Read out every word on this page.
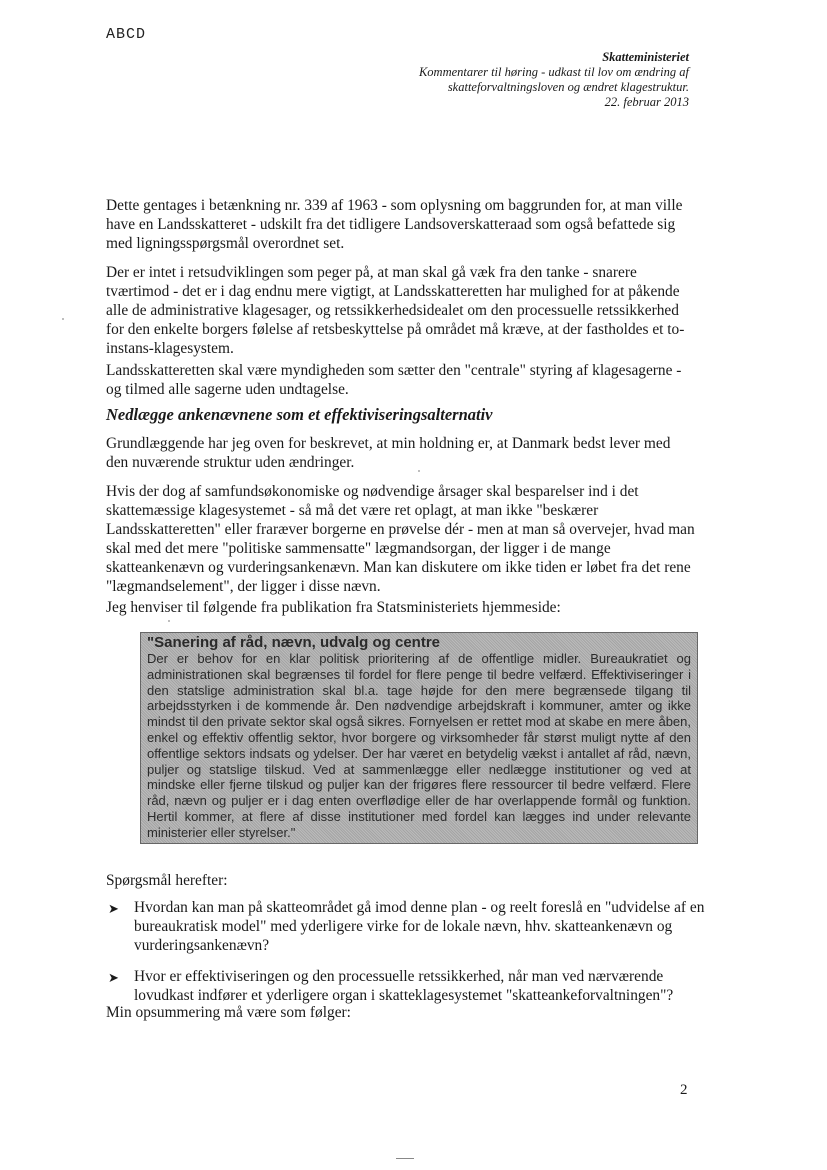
ABCD
Skatteministeriet
Kommentarer til høring - udkast til lov om ændring af
skatteforvaltningsloven og ændret klagestruktur.
22. februar 2013

Dette gentages i betænkning nr. 339 af 1963 - som oplysning om baggrunden for, at man ville have en Landsskatteret - udskilt fra det tidligere Landsoverskatteraad som også befattede sig med ligningsspørgsmål overordnet set.

Der er intet i retsudviklingen som peger på, at man skal gå væk fra den tanke - snarere tværtimod - det er i dag endnu mere vigtigt, at Landsskatteretten har mulighed for at påkende alle de administrative klagesager, og retssikkerhedsidealet om den processuelle retssikkerhed for den enkelte borgers følelse af retsbeskyttelse på området må kræve, at der fastholdes et to-instans-klagesystem.

Landsskatteretten skal være myndigheden som sætter den "centrale" styring af klagesagerne - og tilmed alle sagerne uden undtagelse.

Nedlægge ankenævnene som et effektiviseringsalternativ

Grundlæggende har jeg oven for beskrevet, at min holdning er, at Danmark bedst lever med den nuværende struktur uden ændringer.

Hvis der dog af samfundsøkonomiske og nødvendige årsager skal besparelser ind i det skattemæssige klagesystemet - så må det være ret oplagt, at man ikke "beskærer Landsskatteretten" eller fraræver borgerne en prøvelse dér - men at man så overvejer, hvad man skal med det mere "politiske sammensatte" lægmandsorgan, der ligger i de mange skatteankenævn og vurderingsankenævn. Man kan diskutere om ikke tiden er løbet fra det rene "lægmandselement", der ligger i disse nævn.

Jeg henviser til følgende fra publikation fra Statsministeriets hjemmeside:

"Sanering af råd, nævn, udvalg og centre

Der er behov for en klar politisk prioritering af de offentlige midler. Bureaukratiet og administrationen skal begrænses til fordel for flere penge til bedre velfærd. Effektiviseringer i den statslige administration skal bl.a. tage højde for den mere begrænsede tilgang til arbejdsstyrken i de kommende år. Den nødvendige arbejdskraft i kommuner, amter og ikke mindst til den private sektor skal også sikres. Fornyelsen er rettet mod at skabe en mere åben, enkel og effektiv offentlig sektor, hvor borgere og virksomheder får størst muligt nytte af den offentlige sektors indsats og ydelser. Der har været en betydelig vækst i antallet af råd, nævn, puljer og statslige tilskud. Ved at sammenlægge eller nedlægge institutioner og ved at mindske eller fjerne tilskud og puljer kan der frigøres flere ressourcer til bedre velfærd. Flere råd, nævn og puljer er i dag enten overflødige eller de har overlappende formål og funktion. Hertil kommer, at flere af disse institutioner med fordel kan lægges ind under relevante ministerier eller styrelser."

Spørgsmål herefter:

➤ Hvordan kan man på skatteområdet gå imod denne plan - og reelt foreslå en "udvidelse af en bureaukratisk model" med yderligere virke for de lokale nævn, hhv. skatteankenævn og vurderingsankenævn?
➤ Hvor er effektiviseringen og den processuelle retssikkerhed, når man ved nærværende lovudkast indfører et yderligere organ i skatteklagesystemet "skatteankeforvaltningen"?

Min opsummering må være som følger:

2
